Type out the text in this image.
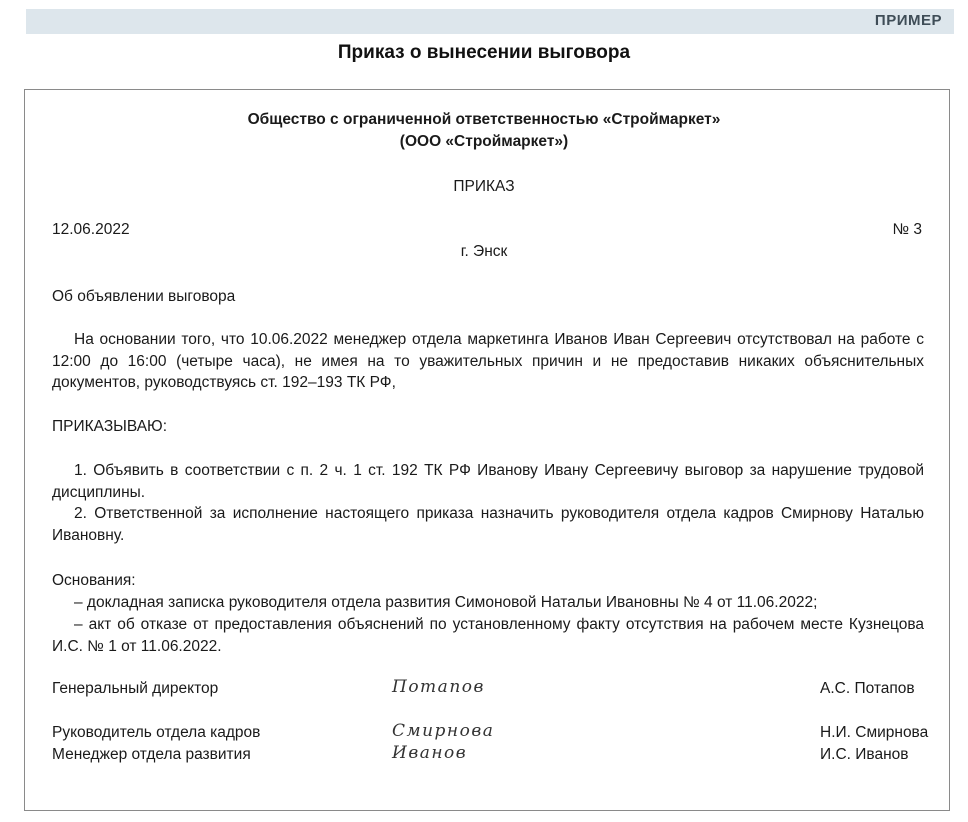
ПРИМЕР
Приказ о вынесении выговора
Общество с ограниченной ответственностью «Строймаркет»
(ООО «Строймаркет»)
ПРИКАЗ
12.06.2022	№ 3
г. Энск
Об объявлении выговора
На основании того, что 10.06.2022 менеджер отдела маркетинга Иванов Иван Сергеевич отсутствовал на работе с 12:00 до 16:00 (четыре часа), не имея на то уважительных причин и не предоставив никаких объяснительных документов, руководствуясь ст. 192–193 ТК РФ,
ПРИКАЗЫВАЮ:
1. Объявить в соответствии с п. 2 ч. 1 ст. 192 ТК РФ Иванову Ивану Сергеевичу выговор за нарушение трудовой дисциплины.
2. Ответственной за исполнение настоящего приказа назначить руководителя отдела кадров Смирнову Наталью Ивановну.
Основания:
– докладная записка руководителя отдела развития Симоновой Натальи Ивановны № 4 от 11.06.2022;
– акт об отказе от предоставления объяснений по установленному факту отсутствия на рабочем месте Кузнецова И.С. № 1 от 11.06.2022.
Генеральный директор	Потапов	А.С. Потапов
Руководитель отдела кадров	Смирнова	Н.И. Смирнова
Менеджер отдела развития	Иванов	И.С. Иванов
